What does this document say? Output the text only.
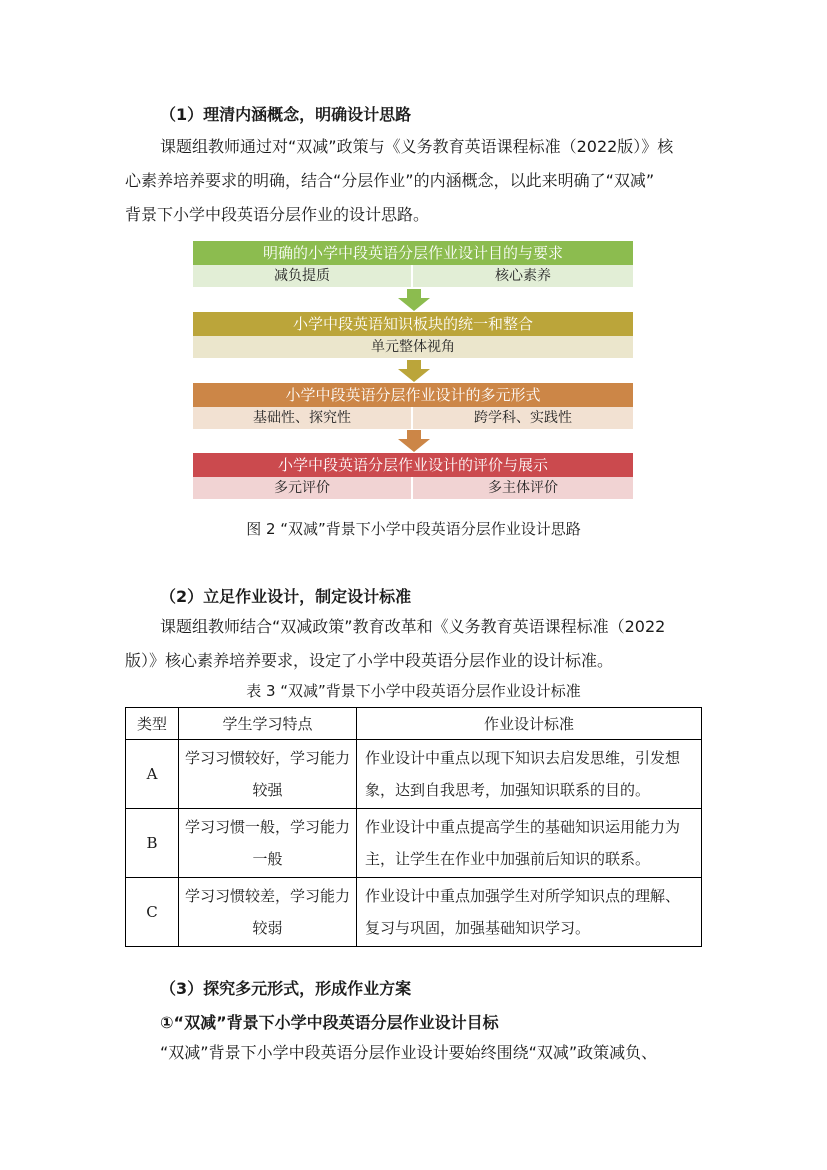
（1）理清内涵概念，明确设计思路
课题组教师通过对“双减”政策与《义务教育英语课程标准（2022版）》核
心素养培养要求的明确，结合“分层作业”的内涵概念，以此来明确了“双减”
背景下小学中段英语分层作业的设计思路。
明确的小学中段英语分层作业设计目的与要求
减负提质	核心素养
小学中段英语知识板块的统一和整合
单元整体视角
小学中段英语分层作业设计的多元形式
基础性、探究性	跨学科、实践性
小学中段英语分层作业设计的评价与展示
多元评价	多主体评价
图 2 “双减”背景下小学中段英语分层作业设计思路
（2）立足作业设计，制定设计标准
课题组教师结合“双减政策”教育改革和《义务教育英语课程标准（2022
版）》核心素养培养要求，设定了小学中段英语分层作业的设计标准。
表 3 “双减”背景下小学中段英语分层作业设计标准
类型	学生学习特点	作业设计标准
A	学习习惯较好，学习能力较强	作业设计中重点以现下知识去启发思维，引发想象，达到自我思考，加强知识联系的目的。
B	学习习惯一般，学习能力一般	作业设计中重点提高学生的基础知识运用能力为主，让学生在作业中加强前后知识的联系。
C	学习习惯较差，学习能力较弱	作业设计中重点加强学生对所学知识点的理解、复习与巩固，加强基础知识学习。
（3）探究多元形式，形成作业方案
①“双减”背景下小学中段英语分层作业设计目标
“双减”背景下小学中段英语分层作业设计要始终围绕“双减”政策减负、
